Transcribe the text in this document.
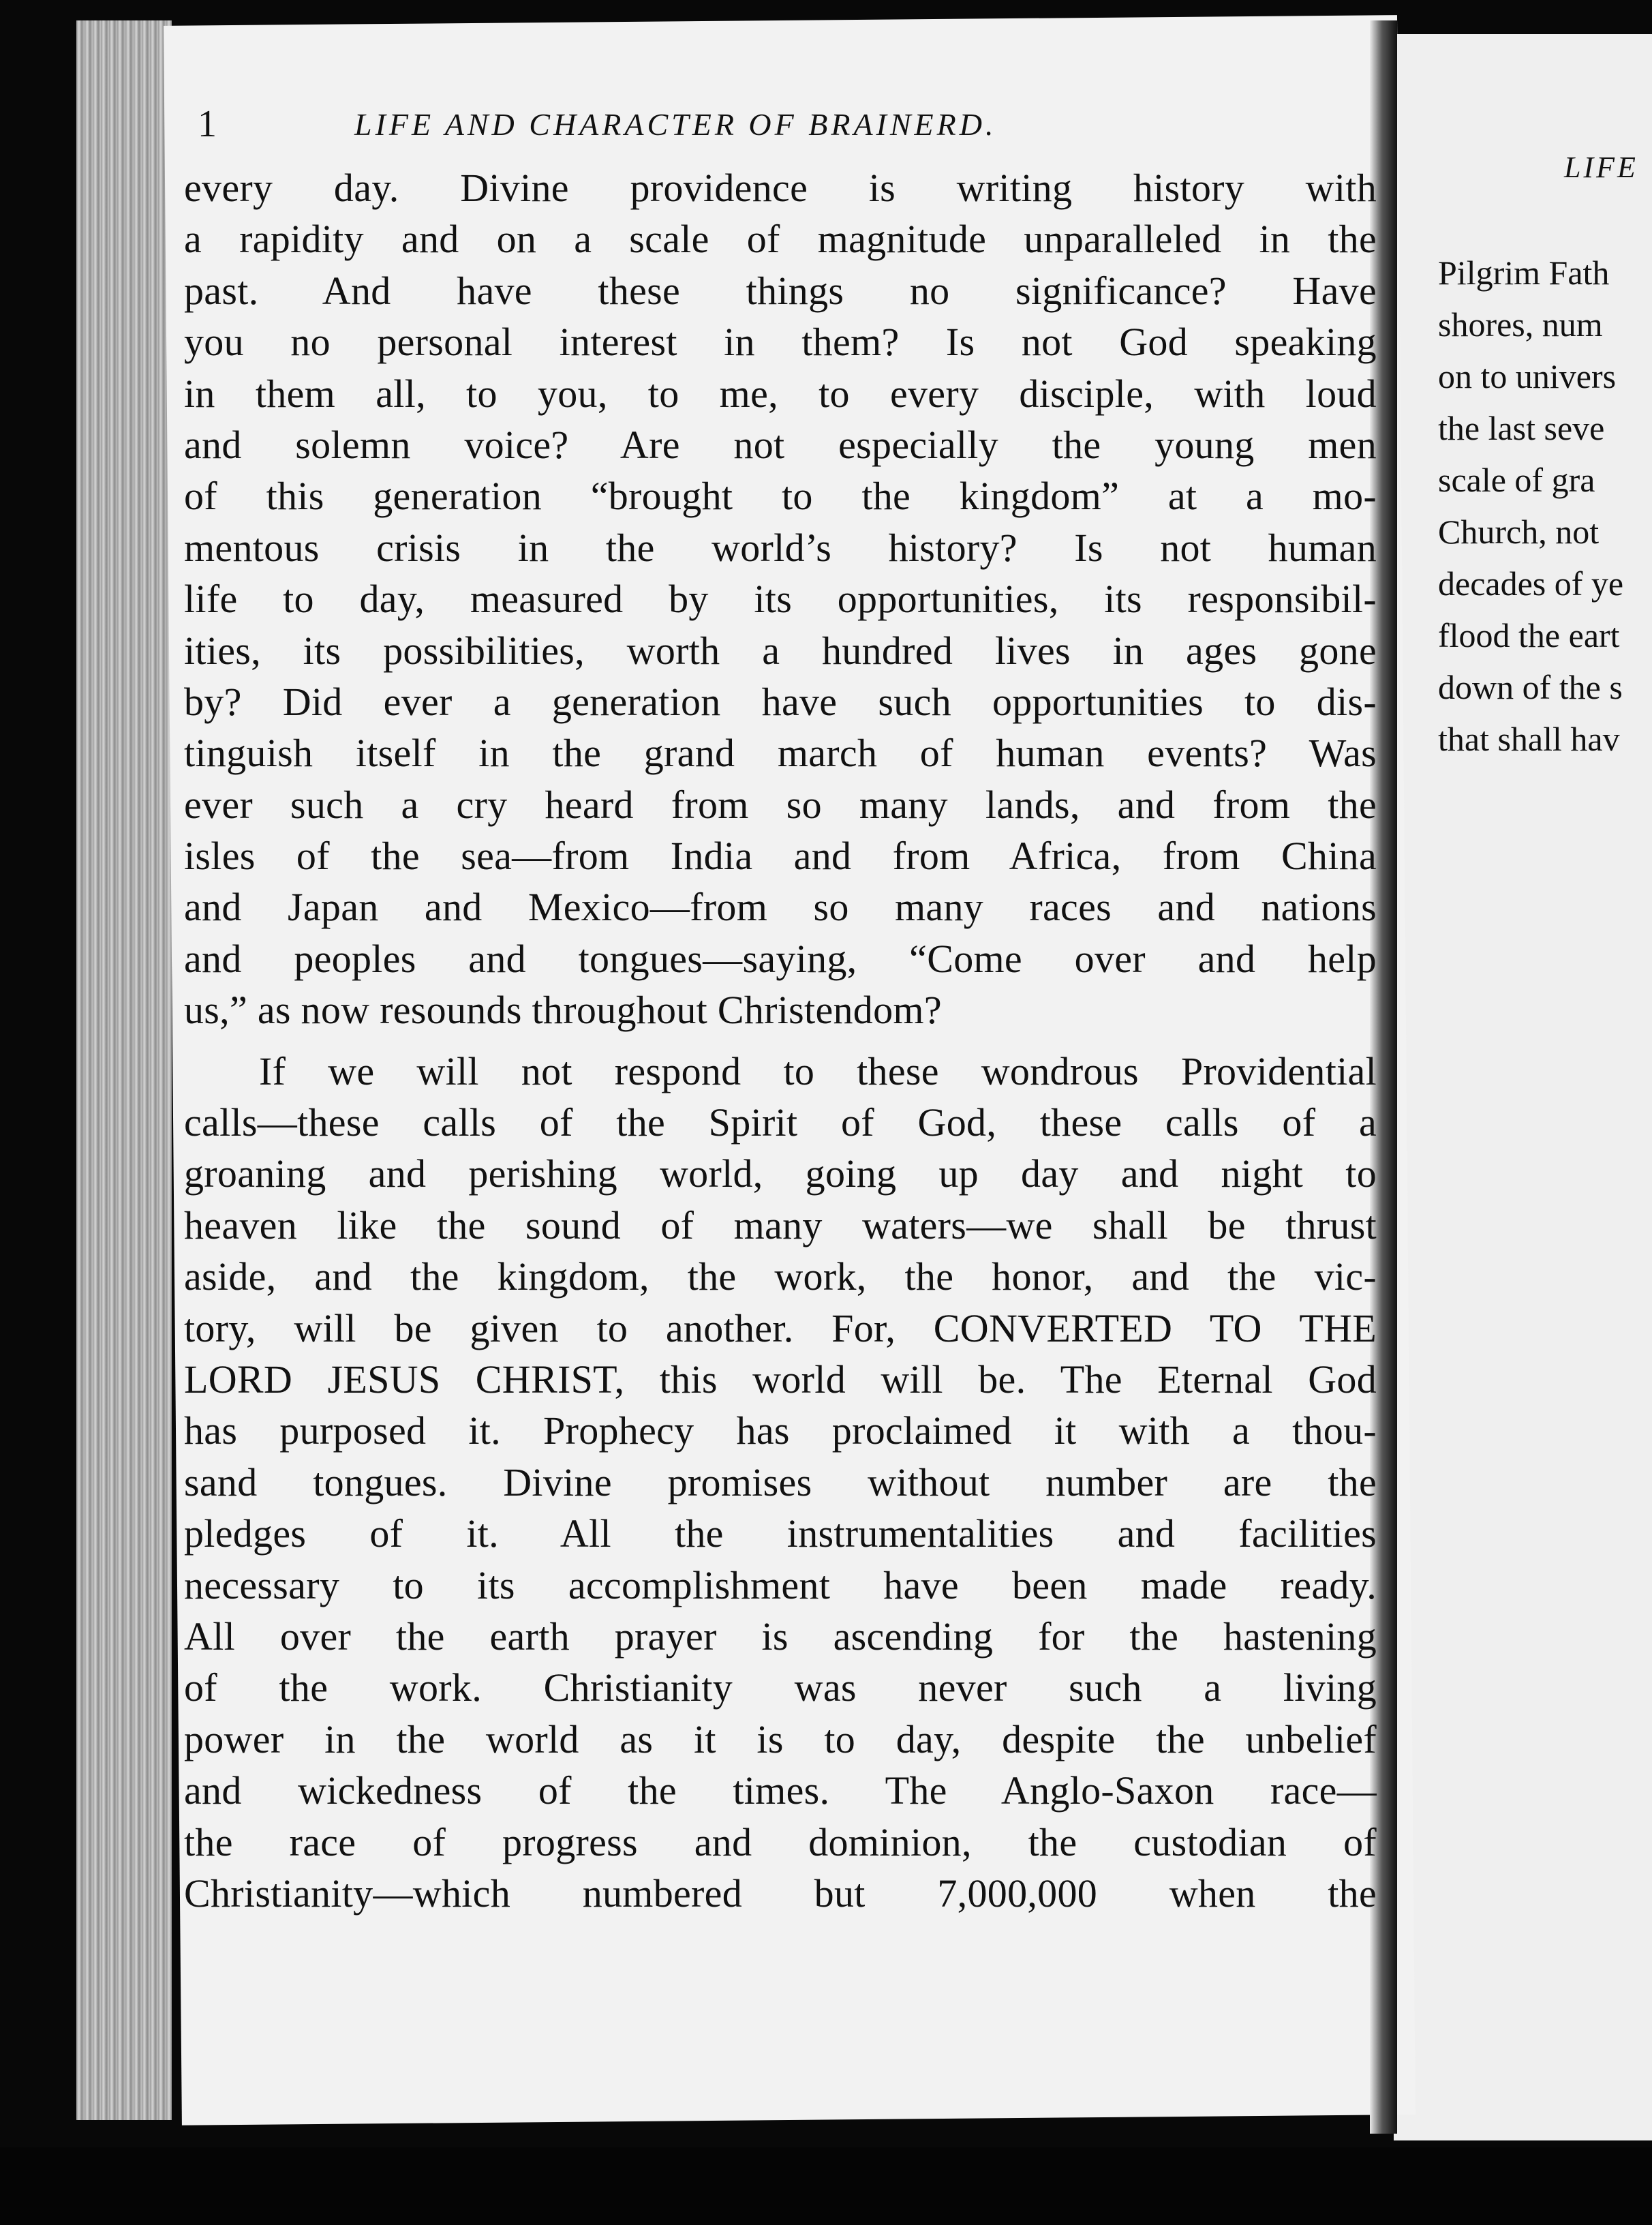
LIFE
Pilgrim Fath
shores, num
on to univers
the last seve
scale of gra
Church, not
decades of ye
flood the eart
down of the s
that shall hav
1	LIFE AND CHARACTER OF BRAINERD.
every day. Divine providence is writing history with
a rapidity and on a scale of magnitude unparalleled in the
past. And have these things no significance? Have
you no personal interest in them? Is not God speaking
in them all, to you, to me, to every disciple, with loud
and solemn voice? Are not especially the young men
of this generation “brought to the kingdom” at a mo-
mentous crisis in the world’s history? Is not human
life to day, measured by its opportunities, its responsibil-
ities, its possibilities, worth a hundred lives in ages gone
by? Did ever a generation have such opportunities to dis-
tinguish itself in the grand march of human events? Was
ever such a cry heard from so many lands, and from the
isles of the sea—from India and from Africa, from China
and Japan and Mexico—from so many races and nations
and peoples and tongues—saying, “Come over and help
us,” as now resounds throughout Christendom?
If we will not respond to these wondrous Providential
calls—these calls of the Spirit of God, these calls of a
groaning and perishing world, going up day and night to
heaven like the sound of many waters—we shall be thrust
aside, and the kingdom, the work, the honor, and the vic-
tory, will be given to another. For, CONVERTED TO THE
LORD JESUS CHRIST, this world will be. The Eternal God
has purposed it. Prophecy has proclaimed it with a thou-
sand tongues. Divine promises without number are the
pledges of it. All the instrumentalities and facilities
necessary to its accomplishment have been made ready.
All over the earth prayer is ascending for the hastening
of the work. Christianity was never such a living
power in the world as it is to day, despite the unbelief
and wickedness of the times. The Anglo-Saxon race—
the race of progress and dominion, the custodian of
Christianity—which numbered but 7,000,000 when the
